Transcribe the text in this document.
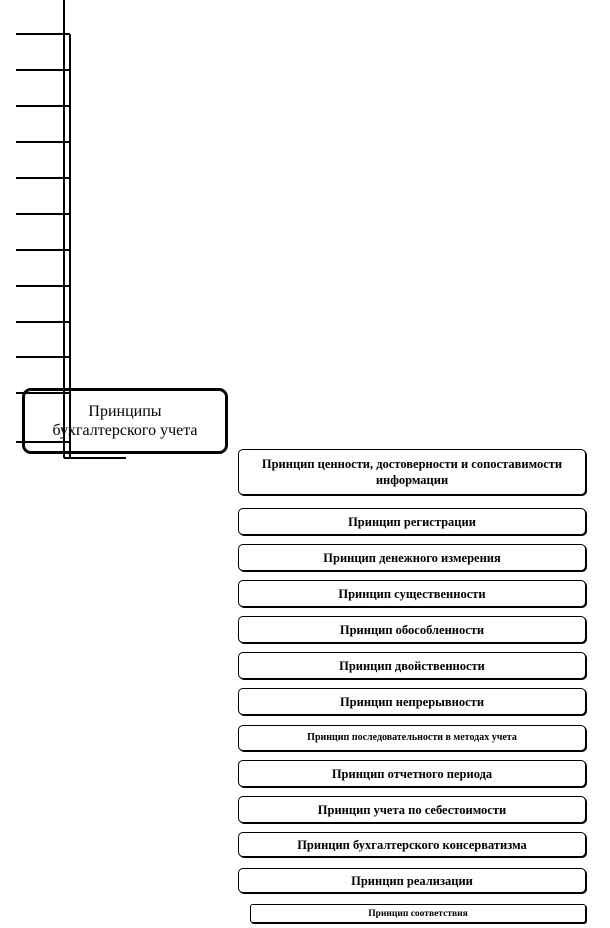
Принципы
бухгалтерского учета
Принцип ценности, достоверности и сопоставимости информации
Принцип регистрации
Принцип денежного измерения
Принцип существенности
Принцип обособленности
Принцип двойственности
Принцип непрерывности
Принцип последовательности в методах учета
Принцип отчетного периода
Принцип учета по себестоимости
Принцип бухгалтерского консерватизма
Принцип реализации
Принцип соответствия
